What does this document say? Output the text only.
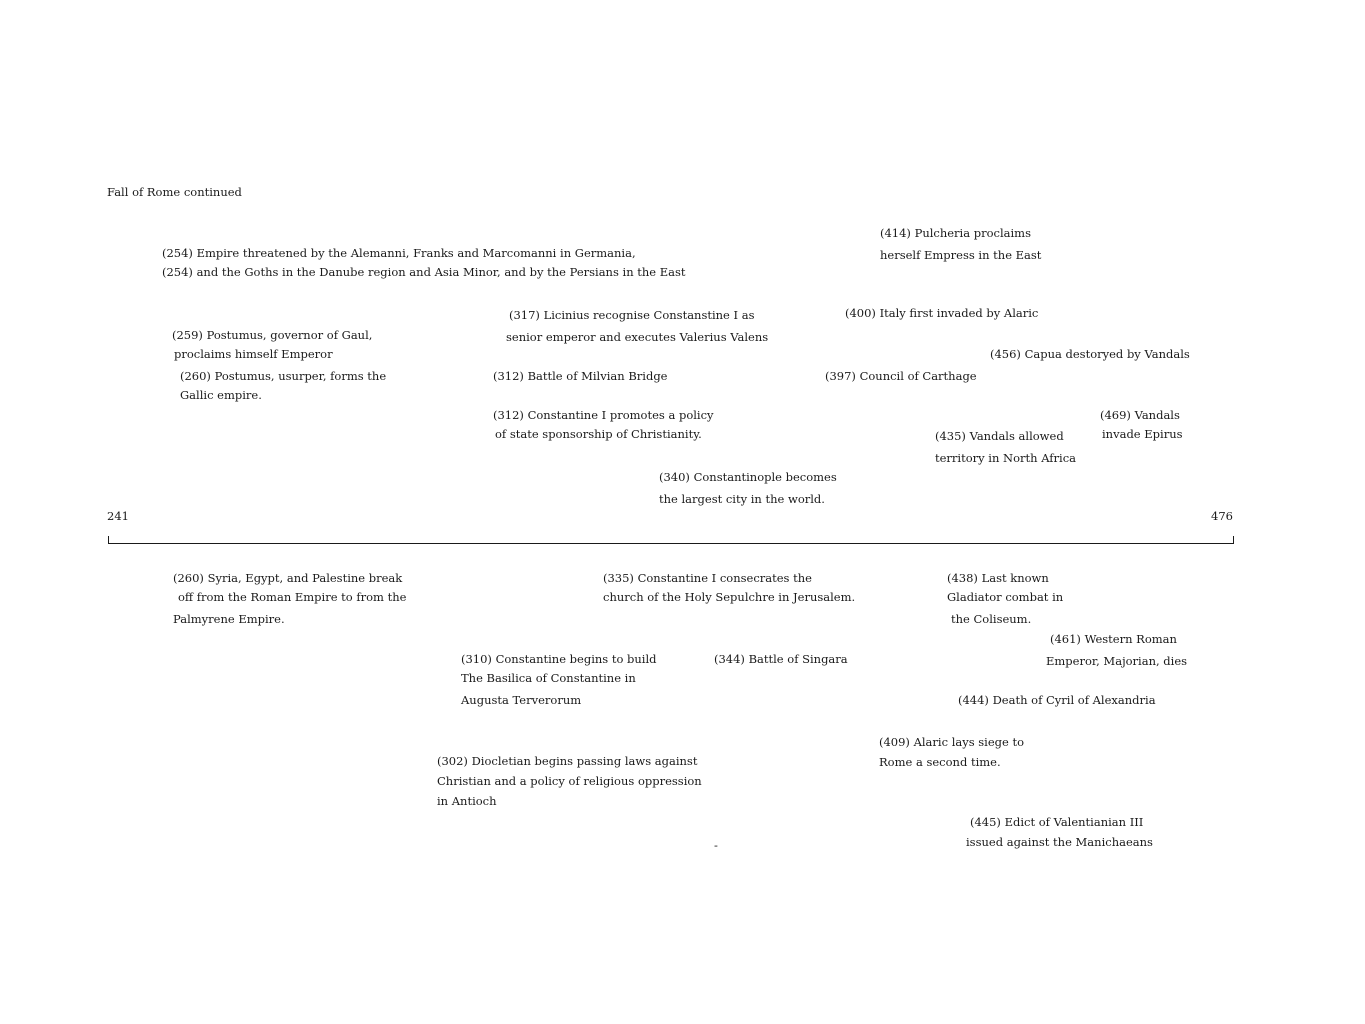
Fall of Rome continued
(414) Pulcheria proclaims
herself Empress in the East
(254) Empire threatened by the Alemanni, Franks and Marcomanni in Germania,
(254) and the Goths in the Danube region and Asia Minor, and by the Persians in the East
(317) Licinius recognise Constanstine I as
senior emperor and executes Valerius Valens
(400) Italy first invaded by Alaric
(259) Postumus, governor of Gaul,
proclaims himself Emperor	(456) Capua destoryed by Vandals
(260) Postumus, usurper, forms the
Gallic empire.
(312) Battle of Milvian Bridge	(397) Council of Carthage
(312) Constantine I promotes a policy
of state sponsorship of Christianity.
(469) Vandals
invade Epirus
(435) Vandals allowed
territory in North Africa
(340) Constantinople becomes
the largest city in the world.
241	476
(260) Syria, Egypt, and Palestine break
off from the Roman Empire to from the
Palmyrene Empire.
(335) Constantine I consecrates the
church of the Holy Sepulchre in Jerusalem.
(438) Last known
Gladiator combat in
the Coliseum.
(461) Western Roman
Emperor, Majorian, dies
(310) Constantine begins to build
The Basilica of Constantine in
Augusta Terverorum
(344) Battle of Singara
(444) Death of Cyril of Alexandria
(409) Alaric lays siege to
Rome a second time.
(302) Diocletian begins passing laws against
Christian and a policy of religious oppression
in Antioch
(445) Edict of Valentianian III
issued against the Manichaeans
-
